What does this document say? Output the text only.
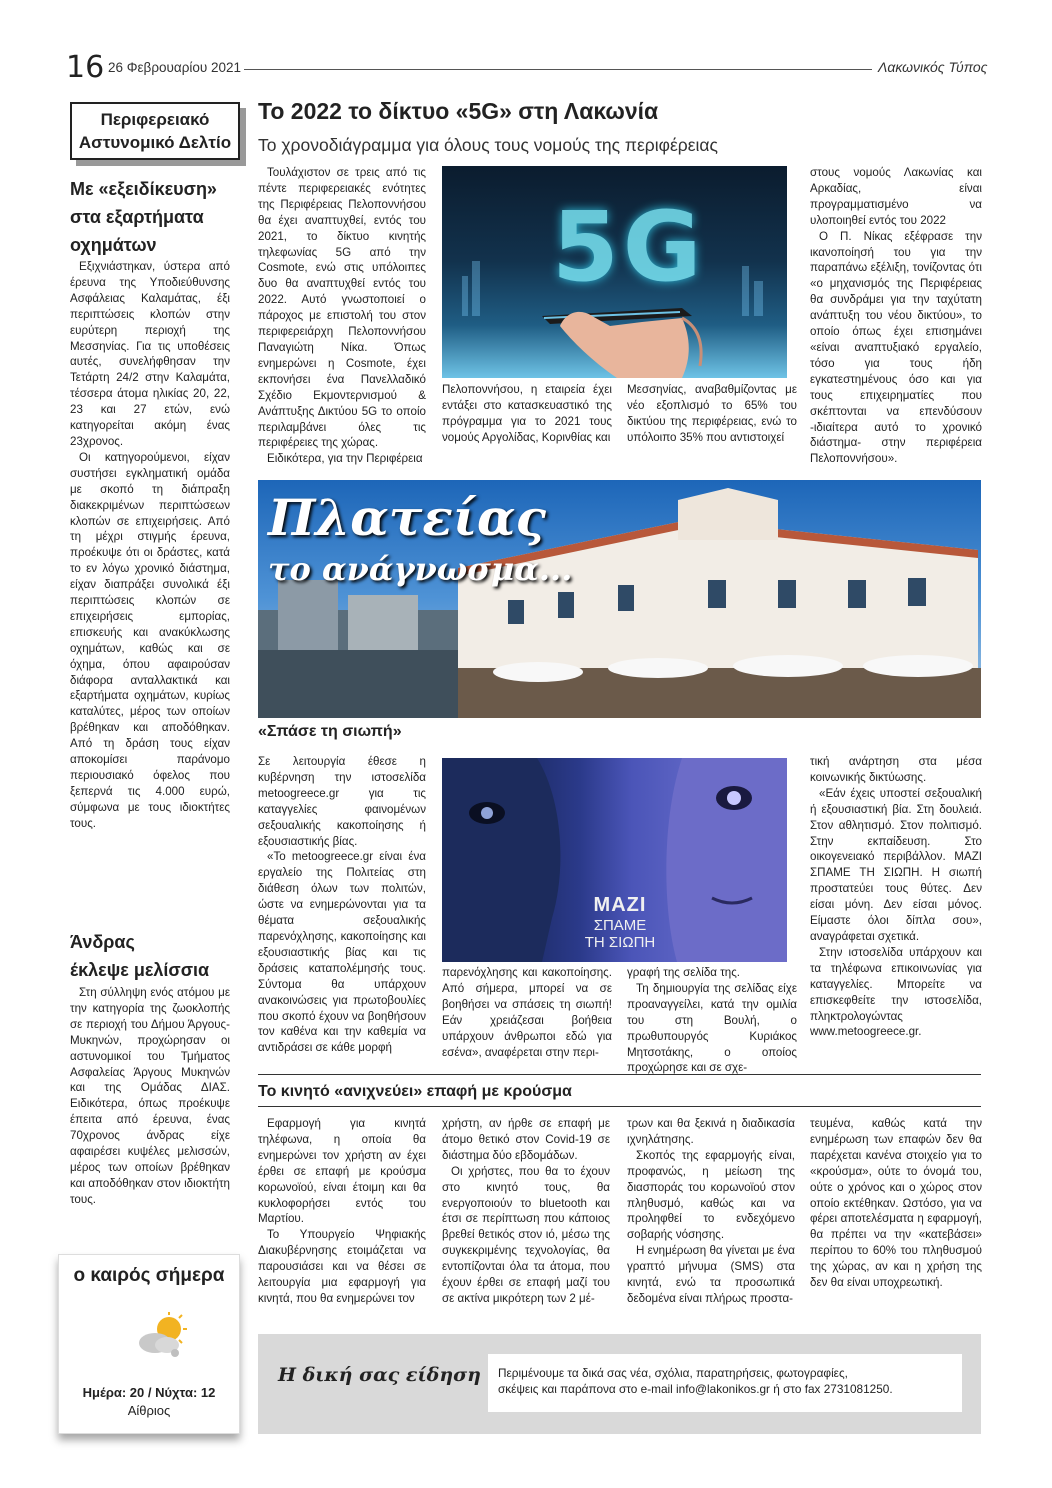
16 26 Φεβρουαρίου 2021	Λακωνικός Τύπος
Περιφερειακό
Αστυνομικό Δελτίο
Με «εξειδίκευση»
στα εξαρτήματα
οχημάτων

Εξιχνιάστηκαν, ύστερα από έρευνα της Υποδιεύθυνσης Ασφάλειας Καλαμάτας, έξι περιπτώσεις κλοπών στην ευρύτερη περιοχή της Μεσσηνίας. Για τις υποθέσεις αυτές, συνελήφθησαν την Τετάρτη 24/2 στην Καλαμάτα, τέσσερα άτομα ηλικίας 20, 22, 23 και 27 ετών, ενώ κατηγορείται ακόμη ένας 23χρονος.

Οι κατηγορούμενοι, είχαν συστήσει εγκληματική ομάδα με σκοπό τη διάπραξη διακεκριμένων περιπτώσεων κλοπών σε επιχειρήσεις. Από τη μέχρι στιγμής έρευνα, προέκυψε ότι οι δράστες, κατά το εν λόγω χρονικό διάστημα, είχαν διαπράξει συνολικά έξι περιπτώσεις κλοπών σε επιχειρήσεις εμπορίας, επισκευής και ανακύκλωσης οχημάτων, καθώς και σε όχημα, όπου αφαιρούσαν διάφορα ανταλλακτικά και εξαρτήματα οχημάτων, κυρίως καταλύτες, μέρος των οποίων βρέθηκαν και αποδόθηκαν. Από τη δράση τους είχαν αποκομίσει παράνομο περιουσιακό όφελος που ξεπερνά τις 4.000 ευρώ, σύμφωνα με τους ιδιοκτήτες τους.

Άνδρας
έκλεψε μελίσσια

Στη σύλληψη ενός ατόμου με την κατηγορία της ζωοκλοπής σε περιοχή του Δήμου Άργους-Μυκηνών, προχώρησαν οι αστυνομικοί του Τμήματος Ασφαλείας Άργους Μυκηνών και της Ομάδας ΔΙΑΣ. Ειδικότερα, όπως προέκυψε έπειτα από έρευνα, ένας 70χρονος άνδρας είχε αφαιρέσει κυψέλες μελισσών, μέρος των οποίων βρέθηκαν και αποδόθηκαν στον ιδιοκτήτη τους.

ο καιρός σήμερα
Ημέρα: 20 / Νύχτα: 12
Αίθριος
Το 2022 το δίκτυο «5G» στη Λακωνία
Το χρονοδιάγραμμα για όλους τους νομούς της περιφέρειας

Τουλάχιστον σε τρεις από τις πέντε περιφερειακές ενότητες της Περιφέρειας Πελοποννήσου θα έχει αναπτυχθεί, εντός του 2021, το δίκτυο κινητής τηλεφωνίας 5G από την Cosmote, ενώ στις υπόλοιπες δυο θα αναπτυχθεί εντός του 2022. Αυτό γνωστοποιεί ο πάροχος με επιστολή του στον περιφερειάρχη Πελοποννήσου Παναγιώτη Νίκα. Όπως ενημερώνει η Cosmote, έχει εκπονήσει ένα Πανελλαδικό Σχέδιο Εκμοντερνισμού & Ανάπτυξης Δικτύου 5G το οποίο περιλαμβάνει όλες τις περιφέρειες της χώρας.

Ειδικότερα, για την Περιφέρεια

5G

Πελοποννήσου, η εταιρεία έχει εντάξει στο κατασκευαστικό της πρόγραμμα για το 2021 τους νομούς Αργολίδας, Κορινθίας και

Μεσσηνίας, αναβαθμίζοντας με νέο εξοπλισμό το 65% του δικτύου της περιφέρειας, ενώ το υπόλοιπο 35% που αντιστοιχεί

στους νομούς Λακωνίας και Αρκαδίας, είναι προγραμματισμένο να υλοποιηθεί εντός του 2022

Ο Π. Νίκας εξέφρασε την ικανοποίησή του για την παραπάνω εξέλιξη, τονίζοντας ότι «ο μηχανισμός της Περιφέρειας θα συνδράμει για την ταχύτατη ανάπτυξη του νέου δικτύου», το οποίο όπως έχει επισημάνει «είναι αναπτυξιακό εργαλείο, τόσο για τους ήδη εγκατεστημένους όσο και για τους επιχειρηματίες που σκέπτονται να επενδύσουν -ιδιαίτερα αυτό το χρονικό διάστημα- στην περιφέρεια Πελοποννήσου».

Πλατείας
το ανάγνωσμα...
«Σπάσε τη σιωπή»

Σε λειτουργία έθεσε η κυβέρνηση την ιστοσελίδα metoogreece.gr για τις καταγγελίες φαινομένων σεξουαλικής κακοποίησης ή εξουσιαστικής βίας.

«Το metoogreece.gr είναι ένα εργαλείο της Πολιτείας στη διάθεση όλων των πολιτών, ώστε να ενημερώνονται για τα θέματα σεξουαλικής παρενόχλησης, κακοποίησης και εξουσιαστικής βίας και τις δράσεις καταπολέμησής τους. Σύντομα θα υπάρχουν ανακοινώσεις για πρωτοβουλίες που σκοπό έχουν να βοηθήσουν τον καθένα και την καθεμία να αντιδράσει σε κάθε μορφή

ΜΑΖΙ
ΣΠΑΜΕ
ΤΗ ΣΙΩΠΗ

παρενόχλησης και κακοποίησης. Από σήμερα, μπορεί να σε βοηθήσει να σπάσεις τη σιωπή! Εάν χρειάζεσαι βοήθεια υπάρχουν άνθρωποι εδώ για εσένα», αναφέρεται στην περι-

γραφή της σελίδα της.

Τη δημιουργία της σελίδας είχε προαναγγείλει, κατά την ομιλία του στη Βουλή, ο πρωθυπουργός Κυριάκος Μητσοτάκης, ο οποίος προχώρησε και σε σχε-

τική ανάρτηση στα μέσα κοινωνικής δικτύωσης.

«Εάν έχεις υποστεί σεξουαλική ή εξουσιαστική βία. Στη δουλειά. Στον αθλητισμό. Στον πολιτισμό. Στην εκπαίδευση. Στο οικογενειακό περιβάλλον. ΜΑΖΙ ΣΠΑΜΕ ΤΗ ΣΙΩΠΗ. Η σιωπή προστατεύει τους θύτες. Δεν είσαι μόνη. Δεν είσαι μόνος. Είμαστε όλοι δίπλα σου», αναγράφεται σχετικά.

Στην ιστοσελίδα υπάρχουν και τα τηλέφωνα επικοινωνίας για καταγγελίες. Μπορείτε να επισκεφθείτε την ιστοσελίδα, πληκτρολογώντας www.metoogreece.gr.

Το κινητό «ανιχνεύει» επαφή με κρούσμα

Εφαρμογή για κινητά τηλέφωνα, η οποία θα ενημερώνει τον χρήστη αν έχει έρθει σε επαφή με κρούσμα κορωνοϊού, είναι έτοιμη και θα κυκλοφορήσει εντός του Μαρτίου.

Το Υπουργείο Ψηφιακής Διακυβέρνησης ετοιμάζεται να παρουσιάσει και να θέσει σε λειτουργία μια εφαρμογή για κινητά, που θα ενημερώνει τον

χρήστη, αν ήρθε σε επαφή με άτομο θετικό στον Covid-19 σε διάστημα δύο εβδομάδων.

Οι χρήστες, που θα το έχουν στο κινητό τους, θα ενεργοποιούν το bluetooth και έτσι σε περίπτωση που κάποιος βρεθεί θετικός στον ιό, μέσω της συγκεκριμένης τεχνολογίας, θα εντοπίζονται όλα τα άτομα, που έχουν έρθει σε επαφή μαζί του σε ακτίνα μικρότερη των 2 μέ-

τρων και θα ξεκινά η διαδικασία ιχνηλάτησης.

Σκοπός της εφαρμογής είναι, προφανώς, η μείωση της διασποράς του κορωνοϊού στον πληθυσμό, καθώς και να προληφθεί το ενδεχόμενο σοβαρής νόσησης.

Η ενημέρωση θα γίνεται με ένα γραπτό μήνυμα (SMS) στα κινητά, ενώ τα προσωπικά δεδομένα είναι πλήρως προστα-

τευμένα, καθώς κατά την ενημέρωση των επαφών δεν θα παρέχεται κανένα στοιχείο για το «κρούσμα», ούτε το όνομά του, ούτε ο χρόνος και ο χώρος στον οποίο εκτέθηκαν. Ωστόσο, για να φέρει αποτελέσματα η εφαρμογή, θα πρέπει να την «κατεβάσει» περίπου το 60% του πληθυσμού της χώρας, αν και η χρήση της δεν θα είναι υποχρεωτική.

Η δική σας είδηση Περιμένουμε τα δικά σας νέα, σχόλια, παρατηρήσεις, φωτογραφίες,
σκέψεις και παράπονα στο e-mail info@lakonikos.gr ή στο fax 2731081250.
